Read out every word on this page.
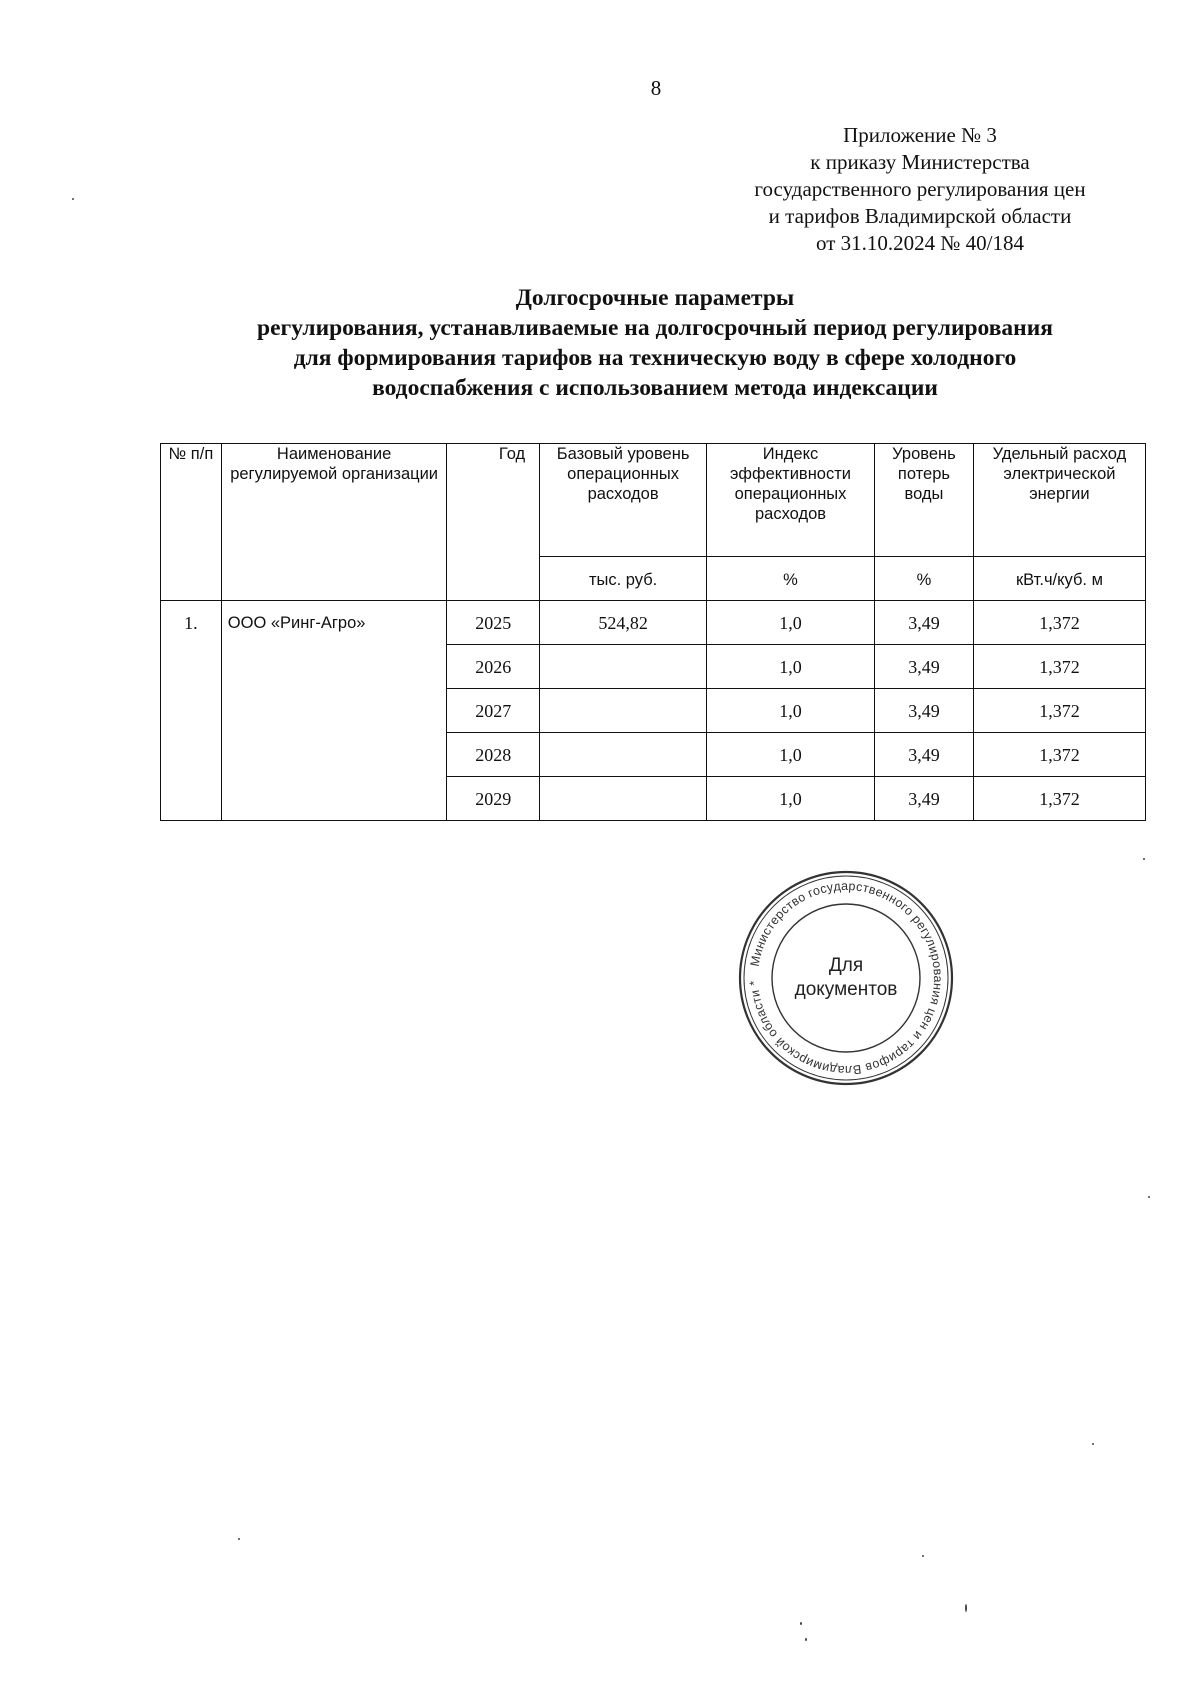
8
Приложение № 3
к приказу Министерства
государственного регулирования цен
и тарифов Владимирской области
от 31.10.2024 № 40/184
Долгосрочные параметры
регулирования, устанавливаемые на долгосрочный период регулирования
для формирования тарифов на техническую воду в сфере холодного
водоспабжения с использованием метода индексации
№ п/п	Наименование регулируемой организации	Год	Базовый уровень операционных расходов	Индекс эффективности операционных расходов	Уровень потерь воды	Удельный расход электрической энергии
			тыс. руб.	%	%	кВт.ч/куб. м
1.	ООО «Ринг-Агро»	2025	524,82	1,0	3,49	1,372
		2026		1,0	3,49	1,372
		2027		1,0	3,49	1,372
		2028		1,0	3,49	1,372
		2029		1,0	3,49	1,372
Министерство государственного регулирования цен и тарифов Владимирской области *
Для
документов
